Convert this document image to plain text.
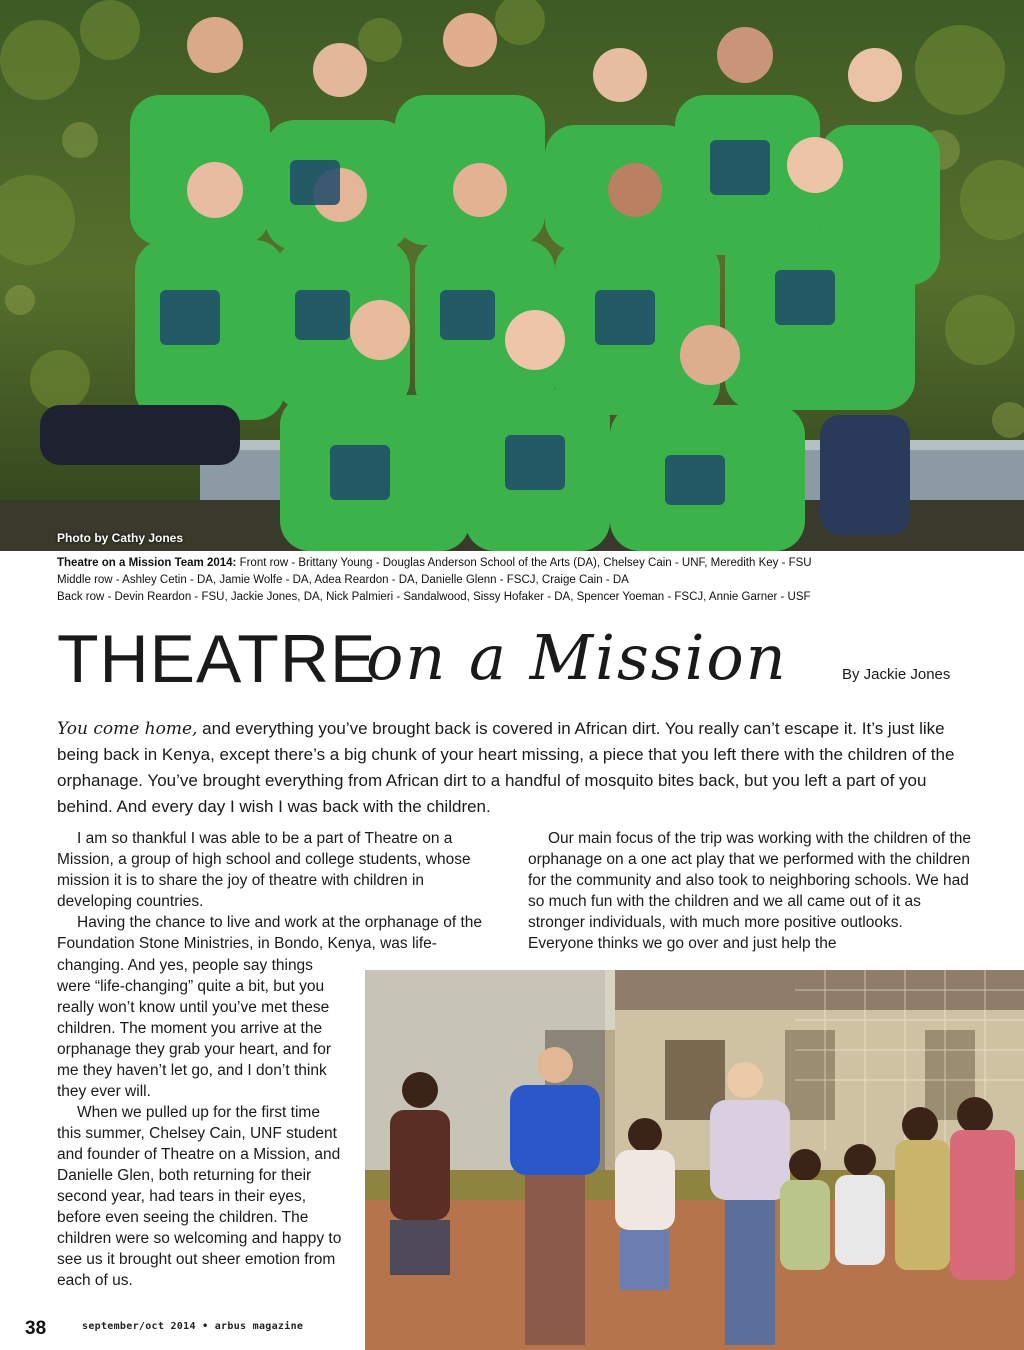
Photo by Cathy Jones
Theatre on a Mission Team 2014: Front row - Brittany Young - Douglas Anderson School of the Arts (DA), Chelsey Cain - UNF, Meredith Key - FSU
Middle row - Ashley Cetin - DA, Jamie Wolfe - DA, Adea Reardon - DA, Danielle Glenn - FSCJ, Craige Cain - DA
Back row - Devin Reardon - FSU, Jackie Jones, DA, Nick Palmieri - Sandalwood, Sissy Hofaker - DA, Spencer Yoeman - FSCJ, Annie Garner - USF
THEATRE
on a Mission	By Jackie Jones
You come home, and everything you’ve brought back is covered in African dirt. You really can’t escape it. It’s just like being back in Kenya, except there’s a big chunk of your heart missing, a piece that you left there with the children of the orphanage. You’ve brought everything from African dirt to a handful of mosquito bites back, but you left a part of you behind. And every day I wish I was back with the children.

I am so thankful I was able to be a part of Theatre on a Mission, a group of high school and college students, whose mission it is to share the joy of theatre with children in developing countries.

Having the chance to live and work at the orphanage of the Foundation Stone Ministries, in Bondo, Kenya, was life-

changing. And yes, people say things were “life-changing” quite a bit, but you really won’t know until you’ve met these children. The moment you arrive at the orphanage they grab your heart, and for me they haven’t let go, and I don’t think they ever will.

When we pulled up for the first time this summer, Chelsey Cain, UNF student and founder of Theatre on a Mission, and Danielle Glen, both returning for their second year, had tears in their eyes, before even seeing the children. The children were so welcoming and happy to see us it brought out sheer emotion from each of us.

Our main focus of the trip was working with the children of the orphanage on a one act play that we performed with the children for the community and also took to neighboring schools. We had so much fun with the children and we all came out of it as stronger individuals, with much more positive outlooks. Everyone thinks we go over and just help the

38	september/oct 2014 • arbus magazine
